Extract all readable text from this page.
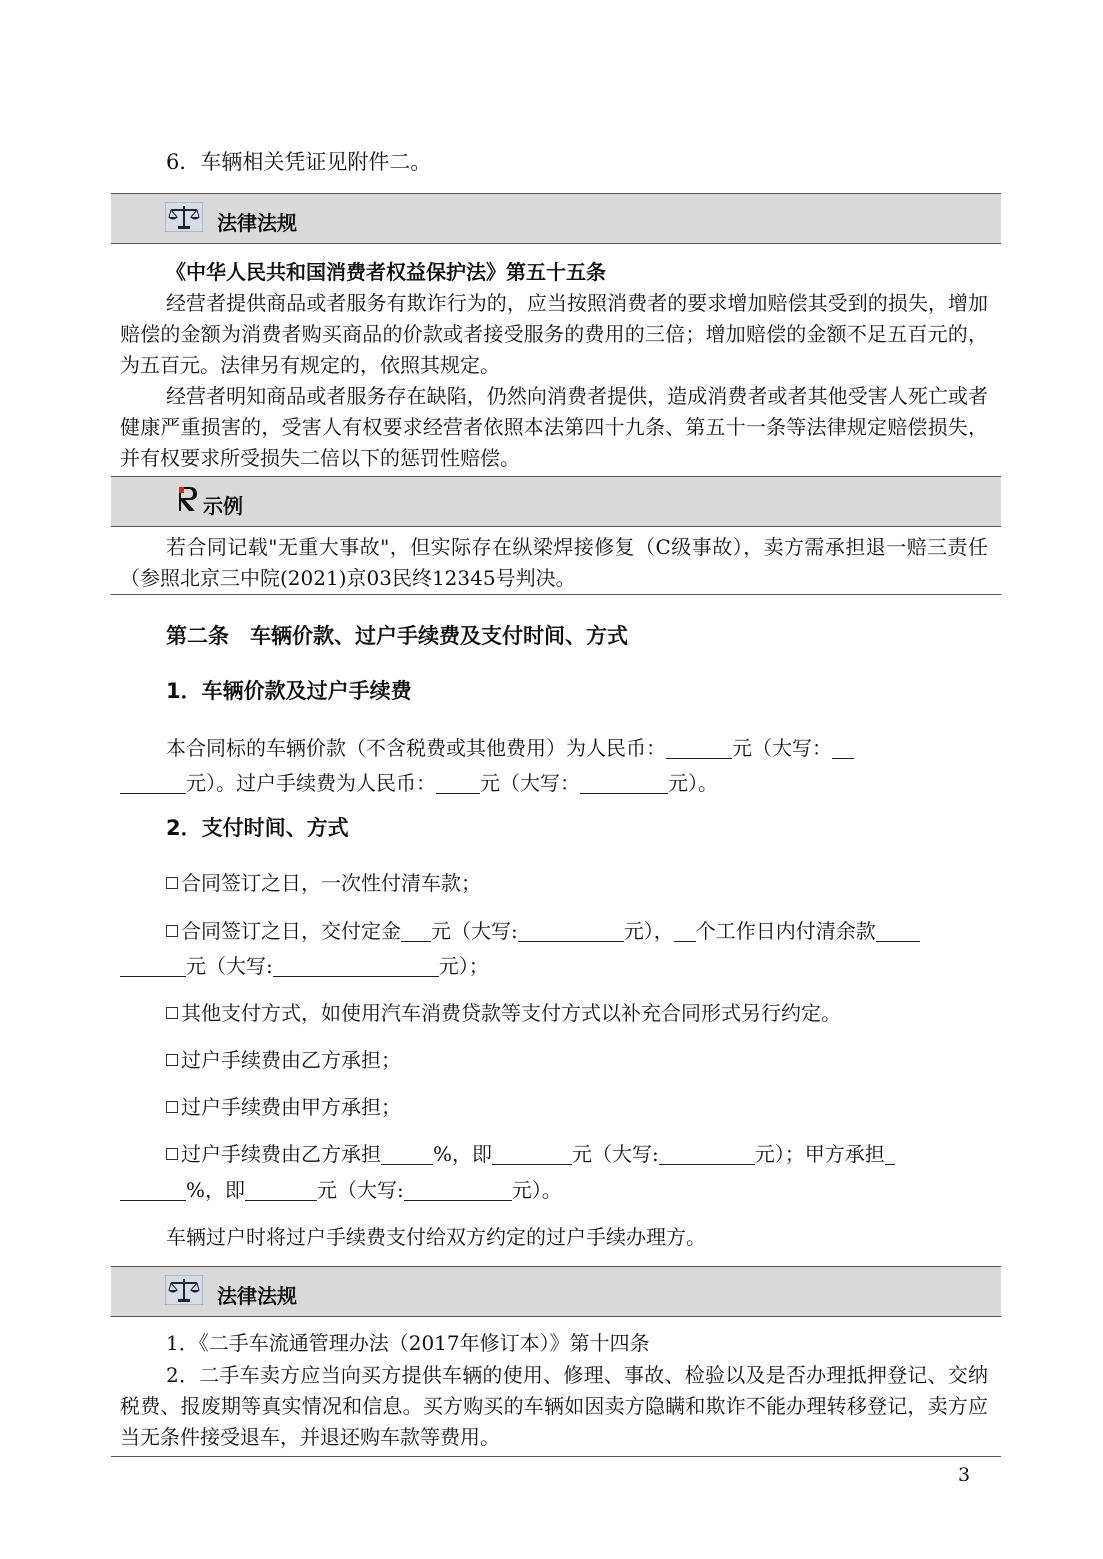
6．车辆相关凭证见附件二。
法律法规
《中华人民共和国消费者权益保护法》第五十五条
经营者提供商品或者服务有欺诈行为的，应当按照消费者的要求增加赔偿其受到的损失，增加赔偿的金额为消费者购买商品的价款或者接受服务的费用的三倍；增加赔偿的金额不足五百元的，为五百元。法律另有规定的，依照其规定。
经营者明知商品或者服务存在缺陷，仍然向消费者提供，造成消费者或者其他受害人死亡或者健康严重损害的，受害人有权要求经营者依照本法第四十九条、第五十一条等法律规定赔偿损失，并有权要求所受损失二倍以下的惩罚性赔偿。
示例
若合同记载"无重大事故"，但实际存在纵梁焊接修复（C级事故），卖方需承担退一赔三责任（参照北京三中院(2021)京03民终12345号判决。
第二条　车辆价款、过户手续费及支付时间、方式
1．车辆价款及过户手续费
本合同标的车辆价款（不含税费或其他费用）为人民币：	元（大写：
元）。过户手续费为人民币： 元（大写：	元）。
2．支付时间、方式
合同签订之日，一次性付清车款；
合同签订之日，交付定金 元（大写:	元）， 个工作日内付清余款
元（大写:	元）；
其他支付方式，如使用汽车消费贷款等支付方式以补充合同形式另行约定。
过户手续费由乙方承担；
过户手续费由甲方承担；
过户手续费由乙方承担	%，即	元（大写:	元）；甲方承担
%，即	元（大写:	元）。
车辆过户时将过户手续费支付给双方约定的过户手续办理方。
法律法规
1．《二手车流通管理办法（2017年修订本）》第十四条
2．二手车卖方应当向买方提供车辆的使用、修理、事故、检验以及是否办理抵押登记、交纳税费、报废期等真实情况和信息。买方购买的车辆如因卖方隐瞒和欺诈不能办理转移登记，卖方应当无条件接受退车，并退还购车款等费用。
3
